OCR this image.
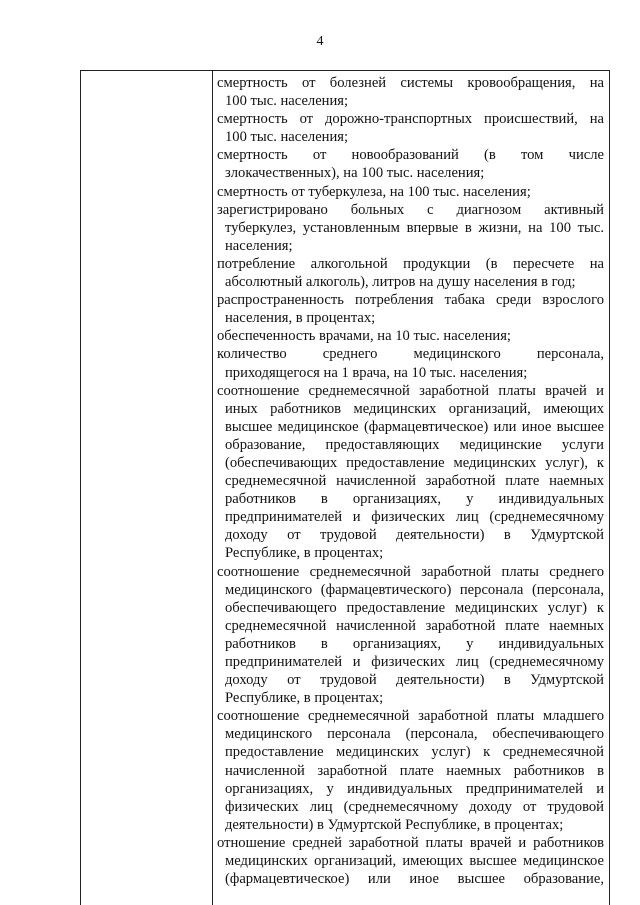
4
смертность от болезней системы кровообращения, на
100 тыс. населения;
смертность от дорожно-транспортных происшествий, на
100 тыс. населения;
смертность от новообразований (в том числе
злокачественных), на 100 тыс. населения;
смертность от туберкулеза, на 100 тыс. населения;
зарегистрировано больных с диагнозом активный
туберкулез, установленным впервые в жизни, на 100 тыс.
населения;
потребление алкогольной продукции (в пересчете на
абсолютный алкоголь), литров на душу населения в год;
распространенность потребления табака среди взрослого
населения, в процентах;
обеспеченность врачами, на 10 тыс. населения;
количество среднего медицинского персонала,
приходящегося на 1 врача, на 10 тыс. населения;
соотношение среднемесячной заработной платы врачей и
иных работников медицинских организаций, имеющих
высшее медицинское (фармацевтическое) или иное высшее
образование, предоставляющих медицинские услуги
(обеспечивающих предоставление медицинских услуг), к
среднемесячной начисленной заработной плате наемных
работников в организациях, у индивидуальных
предпринимателей и физических лиц (среднемесячному
доходу от трудовой деятельности) в Удмуртской
Республике, в процентах;
соотношение среднемесячной заработной платы среднего
медицинского (фармацевтического) персонала (персонала,
обеспечивающего предоставление медицинских услуг) к
среднемесячной начисленной заработной плате наемных
работников в организациях, у индивидуальных
предпринимателей и физических лиц (среднемесячному
доходу от трудовой деятельности) в Удмуртской
Республике, в процентах;
соотношение среднемесячной заработной платы младшего
медицинского персонала (персонала, обеспечивающего
предоставление медицинских услуг) к среднемесячной
начисленной заработной плате наемных работников в
организациях, у индивидуальных предпринимателей и
физических лиц (среднемесячному доходу от трудовой
деятельности) в Удмуртской Республике, в процентах;
отношение средней заработной платы врачей и работников
медицинских организаций, имеющих высшее медицинское
(фармацевтическое) или иное высшее образование,
